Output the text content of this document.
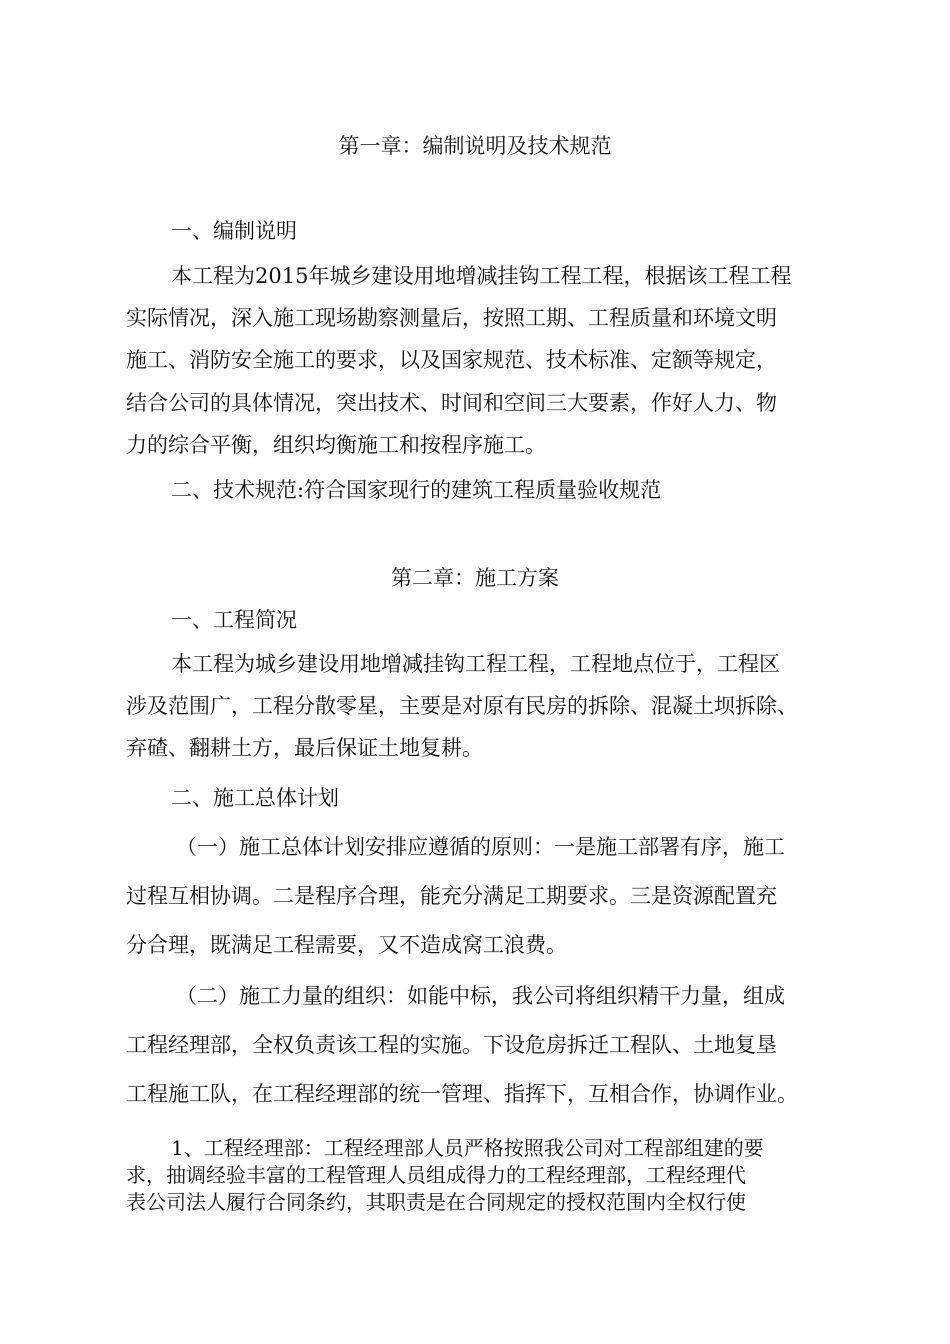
第一章：编制说明及技术规范

一、编制说明

本工程为2015年城乡建设用地增减挂钩工程工程，根据该工程工程

实际情况，深入施工现场勘察测量后，按照工期、工程质量和环境文明

施工、消防安全施工的要求，以及国家规范、技术标准、定额等规定，

结合公司的具体情况，突出技术、时间和空间三大要素，作好人力、物

力的综合平衡，组织均衡施工和按程序施工。

二、技术规范:符合国家现行的建筑工程质量验收规范

第二章：施工方案

一、工程简况

本工程为城乡建设用地增减挂钩工程工程，工程地点位于，工程区

涉及范围广，工程分散零星，主要是对原有民房的拆除、混凝土坝拆除、

弃碴、翻耕土方，最后保证土地复耕。

二、施工总体计划

（一）施工总体计划安排应遵循的原则：一是施工部署有序，施工

过程互相协调。二是程序合理，能充分满足工期要求。三是资源配置充

分合理，既满足工程需要，又不造成窝工浪费。

（二）施工力量的组织：如能中标，我公司将组织精干力量，组成

工程经理部，全权负责该工程的实施。下设危房拆迁工程队、土地复垦

工程施工队，在工程经理部的统一管理、指挥下，互相合作，协调作业。

1、工程经理部：工程经理部人员严格按照我公司对工程部组建的要

求，抽调经验丰富的工程管理人员组成得力的工程经理部，工程经理代

表公司法人履行合同条约，其职责是在合同规定的授权范围内全权行使
